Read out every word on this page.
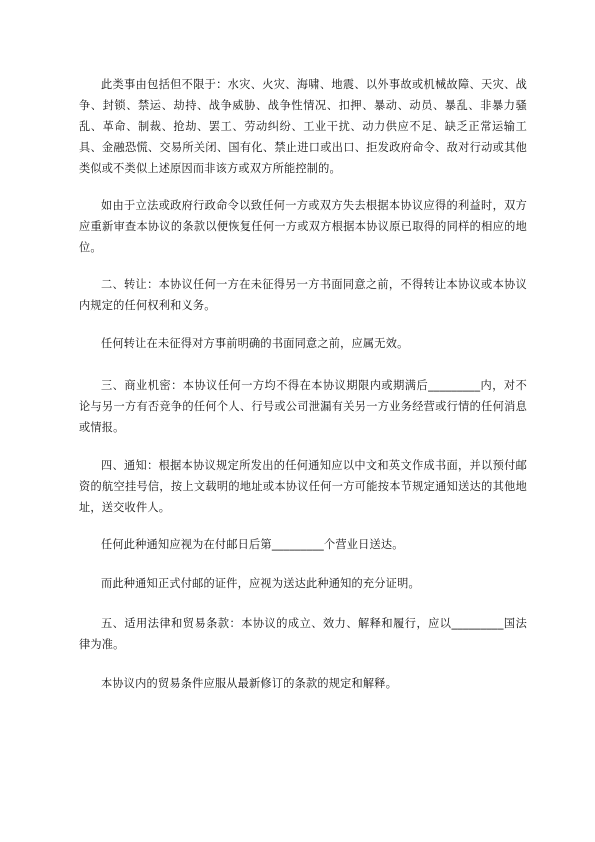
此类事由包括但不限于：水灾、火灾、海啸、地震、以外事故或机械故障、天灾、战争、封锁、禁运、劫持、战争威胁、战争性情况、扣押、暴动、动员、暴乱、非暴力骚乱、革命、制裁、抢劫、罢工、劳动纠纷、工业干扰、动力供应不足、缺乏正常运输工具、金融恐慌、交易所关闭、国有化、禁止进口或出口、拒发政府命令、敌对行动或其他类似或不类似上述原因而非该方或双方所能控制的。

如由于立法或政府行政命令以致任何一方或双方失去根据本协议应得的利益时，双方应重新审查本协议的条款以便恢复任何一方或双方根据本协议原已取得的同样的相应的地位。

二、转让：本协议任何一方在未征得另一方书面同意之前，不得转让本协议或本协议内规定的任何权利和义务。

任何转让在未征得对方事前明确的书面同意之前，应属无效。

三、商业机密：本协议任何一方均不得在本协议期限内或期满后_________内，对不论与另一方有否竞争的任何个人、行号或公司泄漏有关另一方业务经营或行情的任何消息或情报。

四、通知：根据本协议规定所发出的任何通知应以中文和英文作成书面，并以预付邮资的航空挂号信，按上文载明的地址或本协议任何一方可能按本节规定通知送达的其他地址，送交收件人。

任何此种通知应视为在付邮日后第_________个营业日送达。

而此种通知正式付邮的证件，应视为送达此种通知的充分证明。

五、适用法律和贸易条款：本协议的成立、效力、解释和履行，应以_________国法律为准。

本协议内的贸易条件应服从最新修订的条款的规定和解释。
